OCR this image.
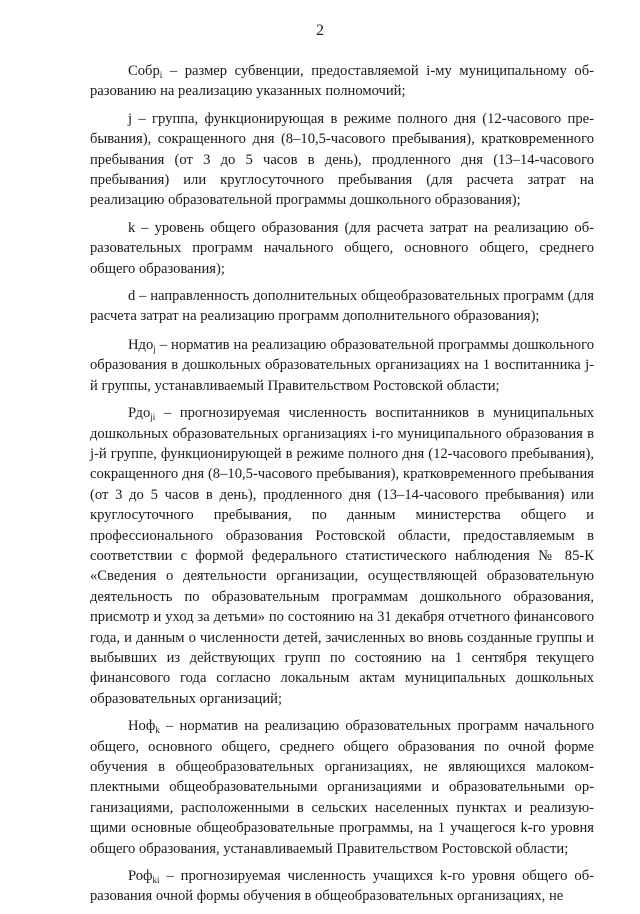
2

Собр$_i$ – размер субвенции, предоставляемой i-му муниципальному образованию на реализацию указанных полномочий;

j – группа, функционирующая в режиме полного дня (12-часового пребывания), сокращенного дня (8–10,5-часового пребывания), кратковременного пребывания (от 3 до 5 часов в день), продленного дня (13–14-часового пребывания) или круглосуточного пребывания (для расчета затрат на реализацию образовательной программы дошкольного образования);

k – уровень общего образования (для расчета затрат на реализацию образовательных программ начального общего, основного общего, среднего общего образования);

d – направленность дополнительных общеобразовательных программ (для расчета затрат на реализацию программ дополнительного образования);

Ндо$_j$ – норматив на реализацию образовательной программы дошкольного образования в дошкольных образовательных организациях на 1 воспитанника j-й группы, устанавливаемый Правительством Ростовской области;

Рдо$_{ji}$ – прогнозируемая численность воспитанников в муниципальных дошкольных образовательных организациях i-го муниципального образования в j-й группе, функционирующей в режиме полного дня (12-часового пребывания), сокращенного дня (8–10,5-часового пребывания), кратковременного пребывания (от 3 до 5 часов в день), продленного дня (13–14-часового пребывания) или круглосуточного пребывания, по данным министерства общего и профессионального образования Ростовской области, предоставляемым в соответствии с формой федерального статистического наблюдения № 85-К «Сведения о деятельности организации, осуществляющей образовательную деятельность по образовательным программам дошкольного образования, присмотр и уход за детьми» по состоянию на 31 декабря отчетного финансового года, и данным о численности детей, зачисленных во вновь созданные группы и выбывших из действующих групп по состоянию на 1 сентября текущего финансового года согласно локальным актам муниципальных дошкольных образовательных организаций;

Ноф$_k$ – норматив на реализацию образовательных программ начального общего, основного общего, среднего общего образования по очной форме обучения в общеобразовательных организациях, не являющихся малокомплектными общеобразовательными организациями и образовательными организациями, расположенными в сельских населенных пунктах и реализующими основные общеобразовательные программы, на 1 учащегося k-го уровня общего образования, устанавливаемый Правительством Ростовской области;

Роф$_{ki}$ – прогнозируемая численность учащихся k-го уровня общего образования очной формы обучения в общеобразовательных организациях, не
